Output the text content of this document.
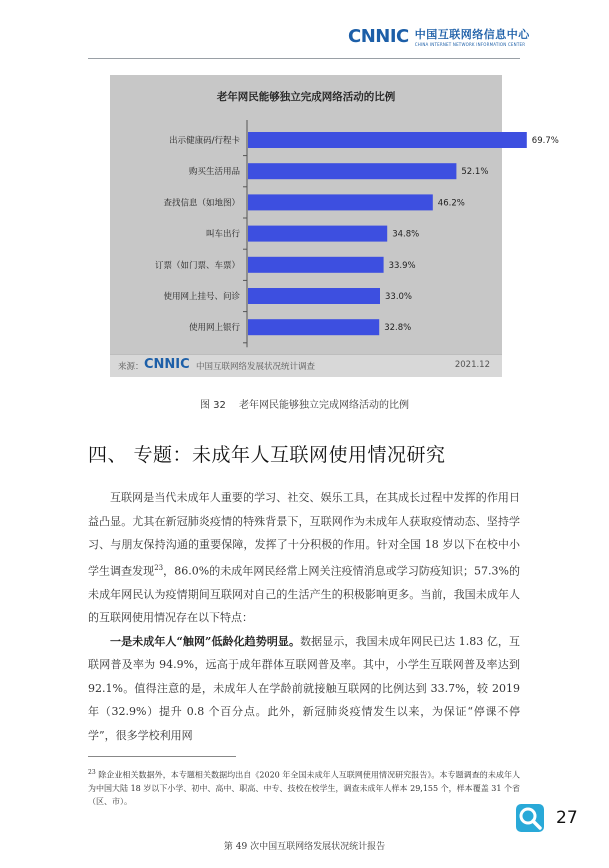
CNNIC 中国互联网络信息中心
CHINA INTERNET NETWORK INFORMATION CENTER
出示健康码/行程卡	69.7%
购买生活用品	52.1%
查找信息（如地图）	46.2%
叫车出行	34.8%
订票（如门票、车票）	33.9%
使用网上挂号、问诊	33.0%
使用网上银行	32.8%
老年网民能够独立完成网络活动的比例
来源： CNNIC 中国互联网络发展状况统计调查	2021.12
图 32 老年网民能够独立完成网络活动的比例
四、 专题：未成年人互联网使用情况研究

互联网是当代未成年人重要的学习、社交、娱乐工具，在其成长过程中发挥的作用日益凸显。尤其在新冠肺炎疫情的特殊背景下，互联网作为未成年人获取疫情动态、坚持学习、与朋友保持沟通的重要保障，发挥了十分积极的作用。针对全国 18 岁以下在校中小学生调查发现$^{23}$，86.0%的未成年网民经常上网关注疫情消息或学习防疫知识；57.3%的未成年网民认为疫情期间互联网对自己的生活产生的积极影响更多。当前，我国未成年人的互联网使用情况存在以下特点：

一是未成年人“触网”低龄化趋势明显。数据显示，我国未成年网民已达 1.83 亿，互联网普及率为 94.9%，远高于成年群体互联网普及率。其中，小学生互联网普及率达到 92.1%。值得注意的是，未成年人在学龄前就接触互联网的比例达到 33.7%，较 2019 年（32.9%）提升 0.8 个百分点。此外，新冠肺炎疫情发生以来，为保证“停课不停学”，很多学校利用网

$^{23}$ 除企业相关数据外，本专题相关数据均出自《2020 年全国未成年人互联网使用情况研究报告》。本专题调查的未成年人为中国大陆 18 岁以下小学、初中、高中、职高、中专、技校在校学生，调查未成年人样本 29,155 个，样本覆盖 31 个省（区、市）。
27
第 49 次中国互联网络发展状况统计报告
